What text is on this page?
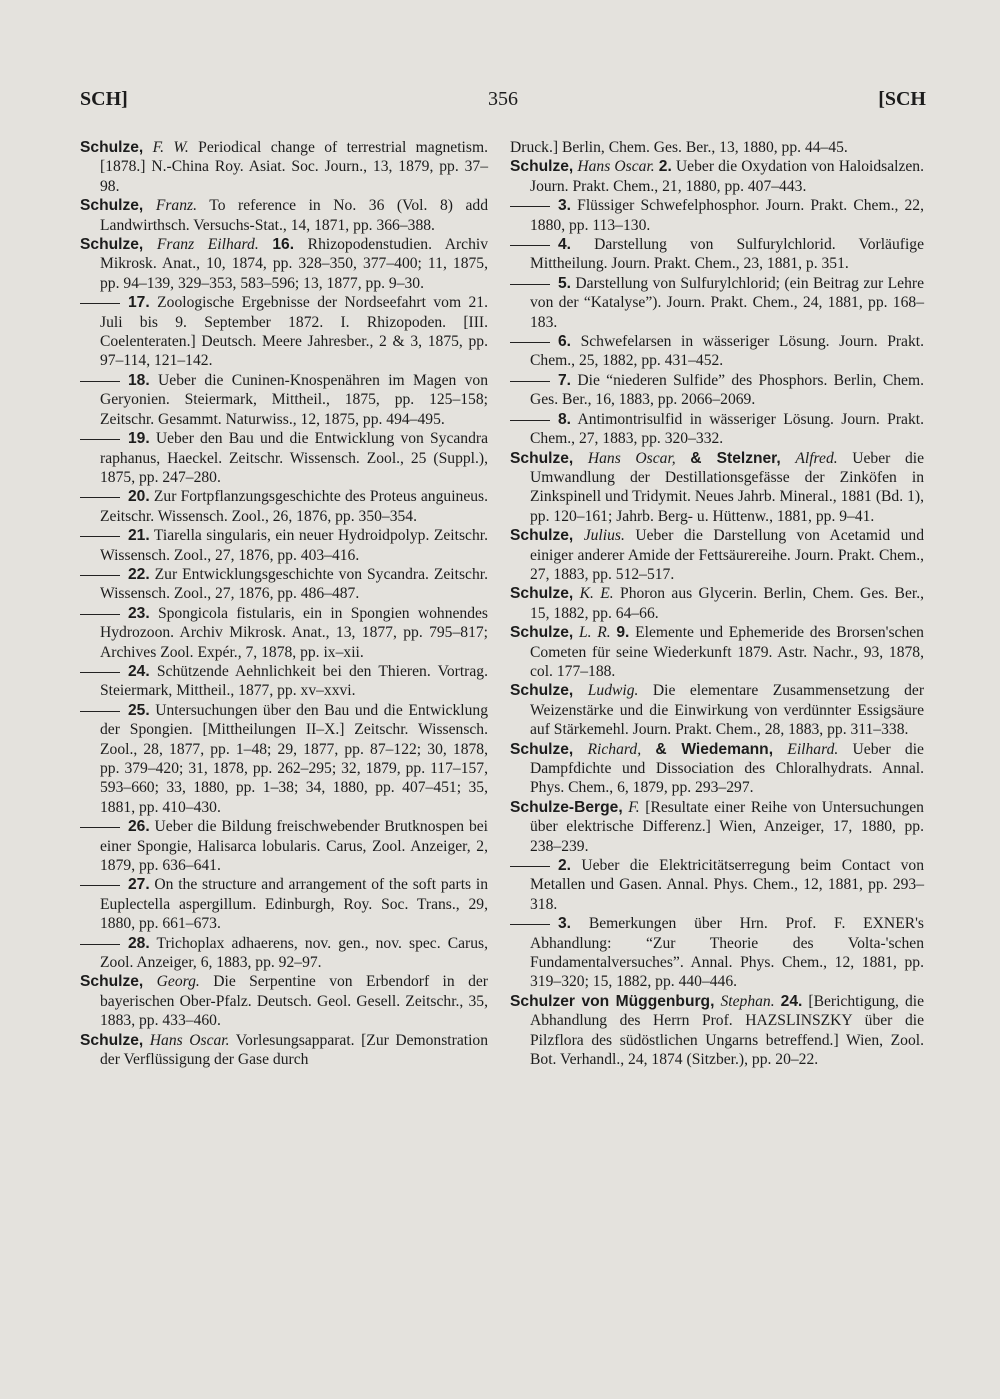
SCH]	356	[SCH

Schulze, F. W. Periodical change of terrestrial magnetism. [1878.] N.-China Roy. Asiat. Soc. Journ., 13, 1879, pp. 37–98.

Schulze, Franz. To reference in No. 36 (Vol. 8) add Landwirthsch. Versuchs-Stat., 14, 1871, pp. 366–388.

Schulze, Franz Eilhard. 16. Rhizopodenstudien. Archiv Mikrosk. Anat., 10, 1874, pp. 328–350, 377–400; 11, 1875, pp. 94–139, 329–353, 583–596; 13, 1877, pp. 9–30.

17. Zoologische Ergebnisse der Nordseefahrt vom 21. Juli bis 9. September 1872. I. Rhizopoden. [III. Coelenteraten.] Deutsch. Meere Jahresber., 2 & 3, 1875, pp. 97–114, 121–142.

18. Ueber die Cuninen-Knospenähren im Magen von Geryonien. Steiermark, Mittheil., 1875, pp. 125–158; Zeitschr. Gesammt. Naturwiss., 12, 1875, pp. 494–495.

19. Ueber den Bau und die Entwicklung von Sycandra raphanus, Haeckel. Zeitschr. Wissensch. Zool., 25 (Suppl.), 1875, pp. 247–280.

20. Zur Fortpflanzungsgeschichte des Proteus anguineus. Zeitschr. Wissensch. Zool., 26, 1876, pp. 350–354.

21. Tiarella singularis, ein neuer Hydroidpolyp. Zeitschr. Wissensch. Zool., 27, 1876, pp. 403–416.

22. Zur Entwicklungsgeschichte von Sycandra. Zeitschr. Wissensch. Zool., 27, 1876, pp. 486–487.

23. Spongicola fistularis, ein in Spongien wohnendes Hydrozoon. Archiv Mikrosk. Anat., 13, 1877, pp. 795–817; Archives Zool. Expér., 7, 1878, pp. ix–xii.

24. Schützende Aehnlichkeit bei den Thieren. Vortrag. Steiermark, Mittheil., 1877, pp. xv–xxvi.

25. Untersuchungen über den Bau und die Entwicklung der Spongien. [Mittheilungen II–X.] Zeitschr. Wissensch. Zool., 28, 1877, pp. 1–48; 29, 1877, pp. 87–122; 30, 1878, pp. 379–420; 31, 1878, pp. 262–295; 32, 1879, pp. 117–157, 593–660; 33, 1880, pp. 1–38; 34, 1880, pp. 407–451; 35, 1881, pp. 410–430.

26. Ueber die Bildung freischwebender Brutknospen bei einer Spongie, Halisarca lobularis. Carus, Zool. Anzeiger, 2, 1879, pp. 636–641.

27. On the structure and arrangement of the soft parts in Euplectella aspergillum. Edinburgh, Roy. Soc. Trans., 29, 1880, pp. 661–673.

28. Trichoplax adhaerens, nov. gen., nov. spec. Carus, Zool. Anzeiger, 6, 1883, pp. 92–97.

Schulze, Georg. Die Serpentine von Erbendorf in der bayerischen Ober-Pfalz. Deutsch. Geol. Gesell. Zeitschr., 35, 1883, pp. 433–460.

Schulze, Hans Oscar. Vorlesungsapparat. [Zur Demonstration der Verflüssigung der Gase durch

Druck.] Berlin, Chem. Ges. Ber., 13, 1880, pp. 44–45.

Schulze, Hans Oscar. 2. Ueber die Oxydation von Haloidsalzen. Journ. Prakt. Chem., 21, 1880, pp. 407–443.

3. Flüssiger Schwefelphosphor. Journ. Prakt. Chem., 22, 1880, pp. 113–130.

4. Darstellung von Sulfurylchlorid. Vorläufige Mittheilung. Journ. Prakt. Chem., 23, 1881, p. 351.

5. Darstellung von Sulfurylchlorid; (ein Beitrag zur Lehre von der “Katalyse”). Journ. Prakt. Chem., 24, 1881, pp. 168–183.

6. Schwefelarsen in wässeriger Lösung. Journ. Prakt. Chem., 25, 1882, pp. 431–452.

7. Die “niederen Sulfide” des Phosphors. Berlin, Chem. Ges. Ber., 16, 1883, pp. 2066–2069.

8. Antimontrisulfid in wässeriger Lösung. Journ. Prakt. Chem., 27, 1883, pp. 320–332.

Schulze, Hans Oscar, & Stelzner, Alfred. Ueber die Umwandlung der Destillationsgefässe der Zinköfen in Zinkspinell und Tridymit. Neues Jahrb. Mineral., 1881 (Bd. 1), pp. 120–161; Jahrb. Berg- u. Hüttenw., 1881, pp. 9–41.

Schulze, Julius. Ueber die Darstellung von Acetamid und einiger anderer Amide der Fettsäurereihe. Journ. Prakt. Chem., 27, 1883, pp. 512–517.

Schulze, K. E. Phoron aus Glycerin. Berlin, Chem. Ges. Ber., 15, 1882, pp. 64–66.

Schulze, L. R. 9. Elemente und Ephemeride des Brorsen'schen Cometen für seine Wiederkunft 1879. Astr. Nachr., 93, 1878, col. 177–188.

Schulze, Ludwig. Die elementare Zusammensetzung der Weizenstärke und die Einwirkung von verdünnter Essigsäure auf Stärkemehl. Journ. Prakt. Chem., 28, 1883, pp. 311–338.

Schulze, Richard, & Wiedemann, Eilhard. Ueber die Dampfdichte und Dissociation des Chloralhydrats. Annal. Phys. Chem., 6, 1879, pp. 293–297.

Schulze-Berge, F. [Resultate einer Reihe von Untersuchungen über elektrische Differenz.] Wien, Anzeiger, 17, 1880, pp. 238–239.

2. Ueber die Elektricitätserregung beim Contact von Metallen und Gasen. Annal. Phys. Chem., 12, 1881, pp. 293–318.

3. Bemerkungen über Hrn. Prof. F. EXNER's Abhandlung: “Zur Theorie des Volta-'schen Fundamentalversuches”. Annal. Phys. Chem., 12, 1881, pp. 319–320; 15, 1882, pp. 440–446.

Schulzer von Müggenburg, Stephan. 24. [Berichtigung, die Abhandlung des Herrn Prof. HAZSLINSZKY über die Pilzflora des südöstlichen Ungarns betreffend.] Wien, Zool. Bot. Verhandl., 24, 1874 (Sitzber.), pp. 20–22.
